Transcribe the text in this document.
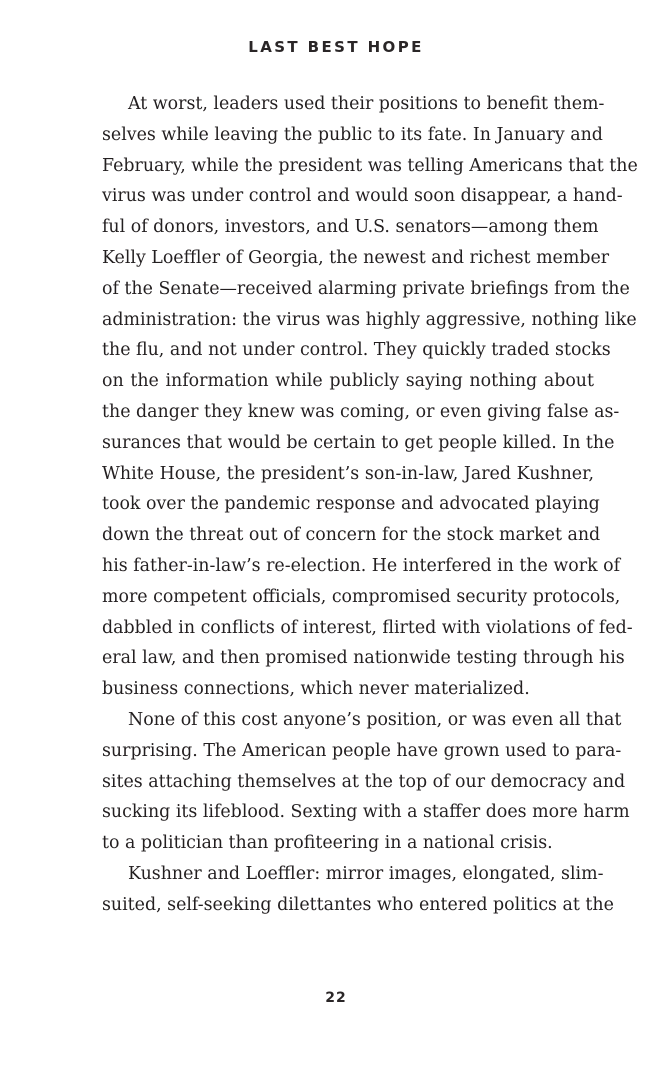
LAST BEST HOPE
At worst, leaders used their positions to benefit them-
selves while leaving the public to its fate. In January and
February, while the president was telling Americans that the
virus was under control and would soon disappear, a hand-
ful of donors, investors, and U.S. senators—among them
Kelly Loeffler of Georgia, the newest and richest member
of the Senate—received alarming private briefings from the
administration: the virus was highly aggressive, nothing like
the flu, and not under control. They quickly traded stocks
on the information while publicly saying nothing about
the danger they knew was coming, or even giving false as-
surances that would be certain to get people killed. In the
White House, the president’s son-in-law, Jared Kushner,
took over the pandemic response and advocated playing
down the threat out of concern for the stock market and
his father-in-law’s re-election. He interfered in the work of
more competent officials, compromised security protocols,
dabbled in conflicts of interest, flirted with violations of fed-
eral law, and then promised nationwide testing through his
business connections, which never materialized.
None of this cost anyone’s position, or was even all that
surprising. The American people have grown used to para-
sites attaching themselves at the top of our democracy and
sucking its lifeblood. Sexting with a staffer does more harm
to a politician than profiteering in a national crisis.
Kushner and Loeffler: mirror images, elongated, slim-
suited, self-seeking dilettantes who entered politics at the
22
